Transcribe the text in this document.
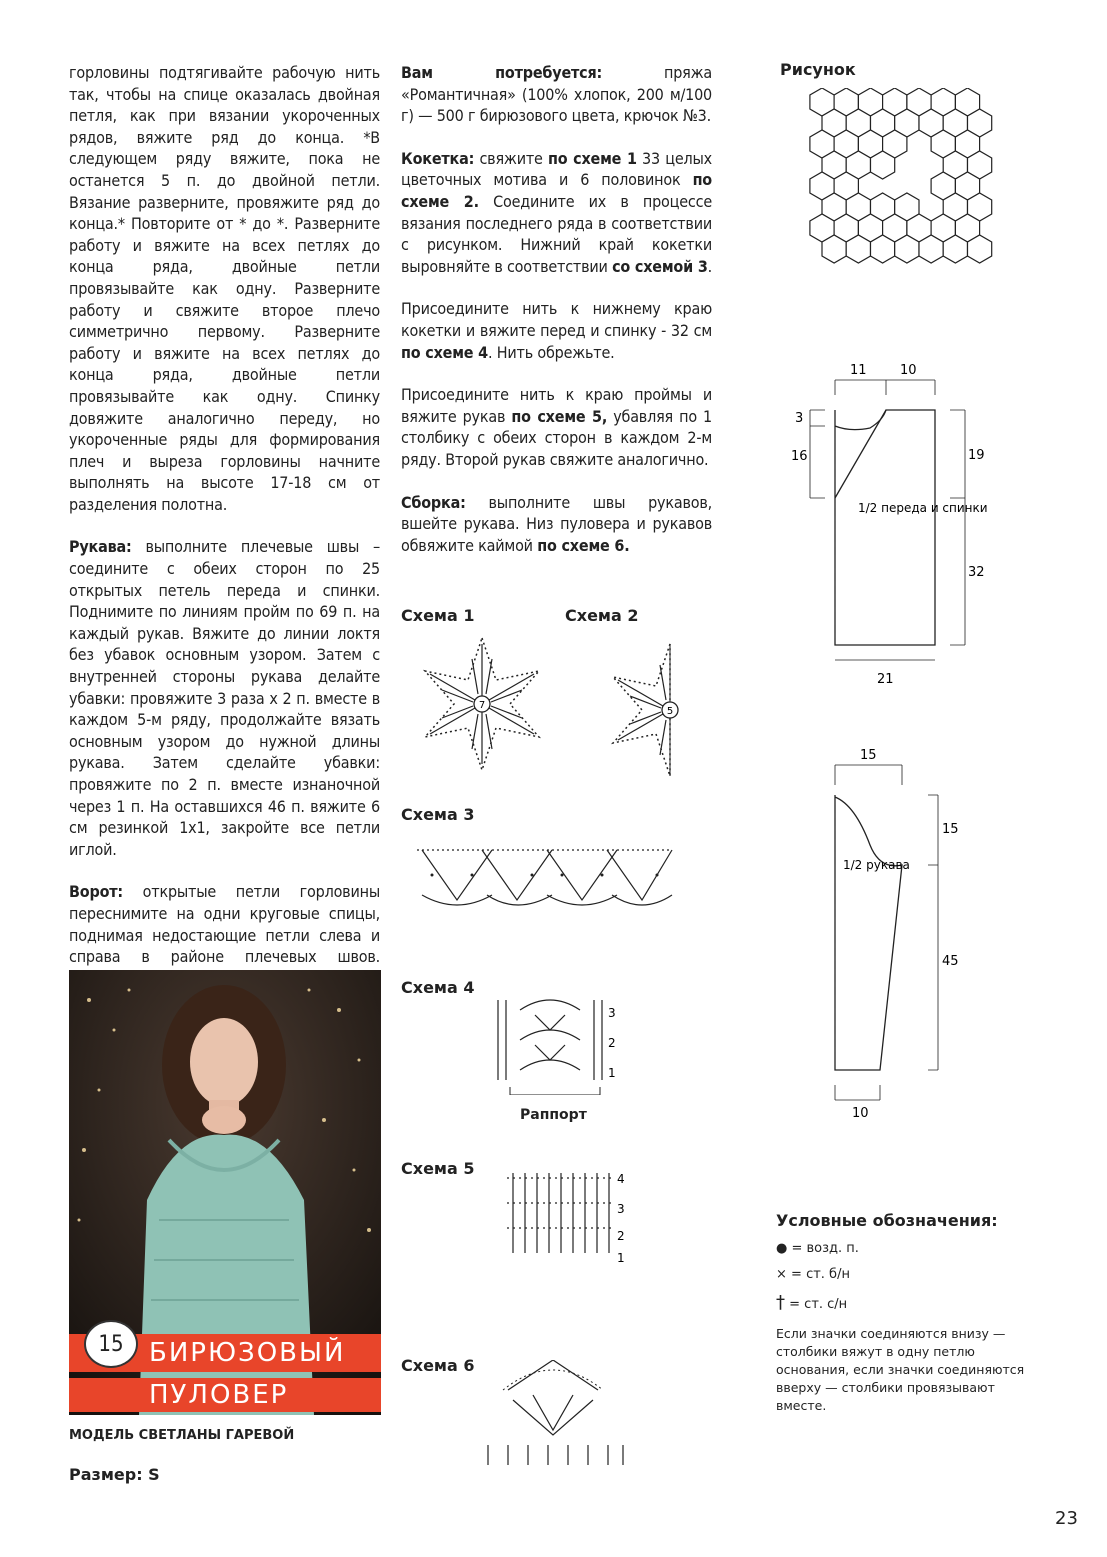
горловины подтягивайте рабочую нить так, чтобы на спице оказалась двойная петля, как при вязании укороченных рядов, вяжите ряд до конца. *В следующем ряду вяжите, пока не останется 5 п. до двойной петли. Вязание разверните, провяжите ряд до конца.* Повторите от * до *. Разверните работу и вяжите на всех петлях до конца ряда, двойные петли провязывайте как одну. Разверните работу и свяжите второе плечо симметрично первому. Разверните работу и вяжите на всех петлях до конца ряда, двойные петли провязывайте как одну. Спинку довяжите аналогично переду, но укороченные ряды для формирования плеч и выреза горловины начните выполнять на высоте 17-18 см от разделения полотна.

Рукава: выполните плечевые швы – соедините с обеих сторон по 25 открытых петель переда и спинки. Поднимите по линиям пройм по 69 п. на каждый рукав. Вяжите до линии локтя без убавок основным узором. Затем с внутренней стороны рукава делайте убавки: провяжите 3 раза х 2 п. вместе в каждом 5-м ряду, продолжайте вязать основным узором до нужной длины рукава. Затем сделайте убавки: провяжите по 2 п. вместе изнаночной через 1 п. На оставшихся 46 п. вяжите 6 см резинкой 1х1, закройте все петли иглой.

Ворот: открытые петли горловины переснимите на одни круговые спицы, поднимая недостающие петли слева и справа в районе плечевых швов.

БИРЮЗОВЫЙ
ПУЛОВЕР
15
МОДЕЛЬ СВЕТЛАНЫ ГАРЕВОЙ
Размер: S

Вам потребуется: пряжа «Романтичная» (100% хлопок, 200 м/100 г) — 500 г бирюзового цвета, крючок №3.

Кокетка: свяжите по схеме 1 33 целых цветочных мотива и 6 половинок по схеме 2. Соедините их в процессе вязания последнего ряда в соответствии с рисунком. Нижний край кокетки выровняйте в соответствии со схемой 3.

Присоедините нить к нижнему краю кокетки и вяжите перед и спинку - 32 см по схеме 4. Нить обрежьте.

Присоедините нить к краю проймы и вяжите рукав по схеме 5, убавляя по 1 столбику с обеих сторон в каждом 2-м ряду. Второй рукав свяжите аналогично.

Сборка: выполните швы рукавов, вшейте рукава. Низ пуловера и рукавов обвяжите каймой по схеме 6.

Схема 1	Схема 2
Схема 3
Схема 4
Схема 5
Схема 6
7
5
3
2
1
Раппорт
4
3
2
1
Рисунок
11	10
3
16	19
32
21
1/2 переда и спинки
15
15
45
10
1/2 рукава
Условные обозначения:
● = возд. п.
× = ст. б/н
† = ст. с/н
Если значки соединяются внизу — столбики вяжут в одну петлю основания, если значки соединяются вверху — столбики провязывают вместе.
23
